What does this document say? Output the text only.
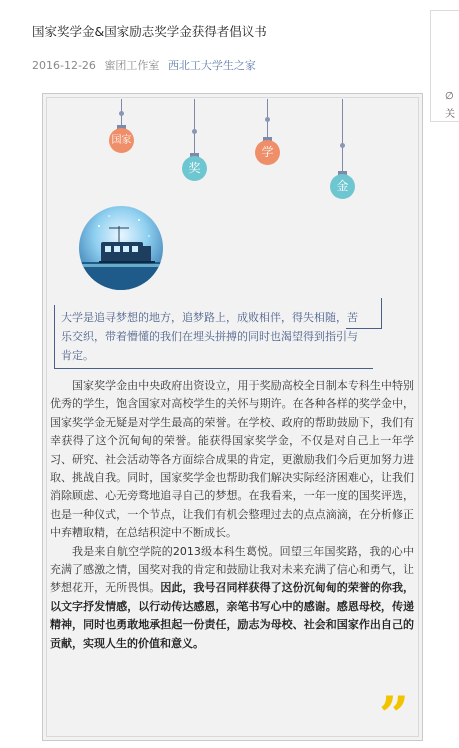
国家奖学金&国家励志奖学金获得者倡议书
2016-12-26 蜜团工作室 西北工大学生之家
∅
关
国家
奖
学
金
大学是追寻梦想的地方，追梦路上，成败相伴，得失相随，苦乐交织，带着懵懂的我们在埋头拼搏的同时也渴望得到指引与肯定。

国家奖学金由中央政府出资设立，用于奖励高校全日制本专科生中特别优秀的学生，饱含国家对高校学生的关怀与期许。在各种各样的奖学金中，国家奖学金无疑是对学生最高的荣誉。在学校、政府的帮助鼓励下，我们有幸获得了这个沉甸甸的荣誉。能获得国家奖学金，不仅是对自己上一年学习、研究、社会活动等各方面综合成果的肯定，更激励我们今后更加努力进取、挑战自我。同时，国家奖学金也帮助我们解决实际经济困难心，让我们消除顾虑、心无旁骛地追寻自己的梦想。在我看来，一年一度的国奖评选，也是一种仪式，一个节点，让我们有机会整理过去的点点滴滴，在分析修正中弃糟取精，在总结积淀中不断成长。

我是来自航空学院的2013级本科生葛悦。回望三年国奖路，我的心中充满了感激之情，国奖对我的肯定和鼓励让我对未来充满了信心和勇气，让梦想花开，无所畏惧。因此，我号召同样获得了这份沉甸甸的荣誉的你我，以文字抒发情感，以行动传达感恩，亲笔书写心中的感谢。感恩母校，传递精神，同时也勇敢地承担起一份责任，励志为母校、社会和国家作出自己的贡献，实现人生的价值和意义。

”
